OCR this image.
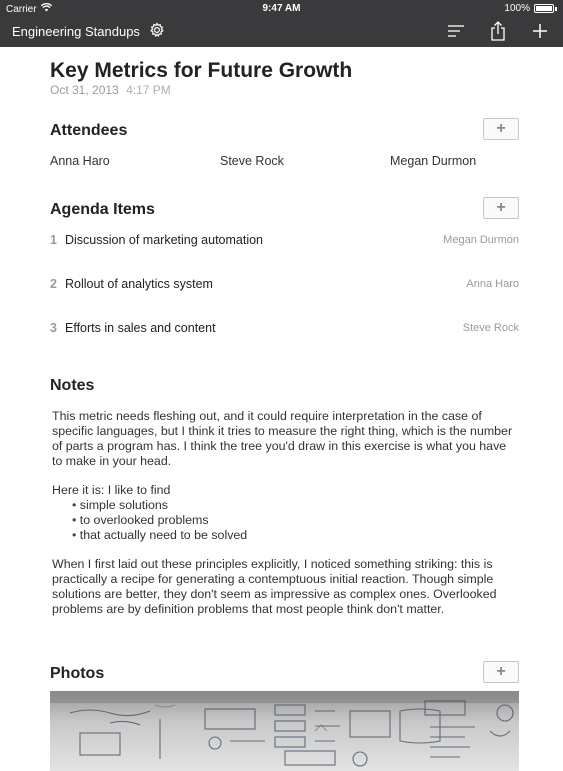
Carrier	9:47 AM	100%
Engineering Standups
Key Metrics for Future Growth
Oct 31, 2013 4:17 PM
Attendees	+
Anna Haro	Steve Rock	Megan Durmon
Agenda Items	+
1 Discussion of marketing automation	Megan Durmon
2 Rollout of analytics system	Anna Haro
3 Efforts in sales and content	Steve Rock
Notes

This metric needs fleshing out, and it could require interpretation in the case of specific languages, but I think it tries to measure the right thing, which is the number of parts a program has. I think the tree you'd draw in this exercise is what you have to make in your head.

Here it is: I like to find
• simple solutions
• to overlooked problems
• that actually need to be solved

When I first laid out these principles explicitly, I noticed something striking: this is practically a recipe for generating a contemptuous initial reaction. Though simple solutions are better, they don't seem as impressive as complex ones. Overlooked problems are by definition problems that most people think don't matter.

Photos	+
